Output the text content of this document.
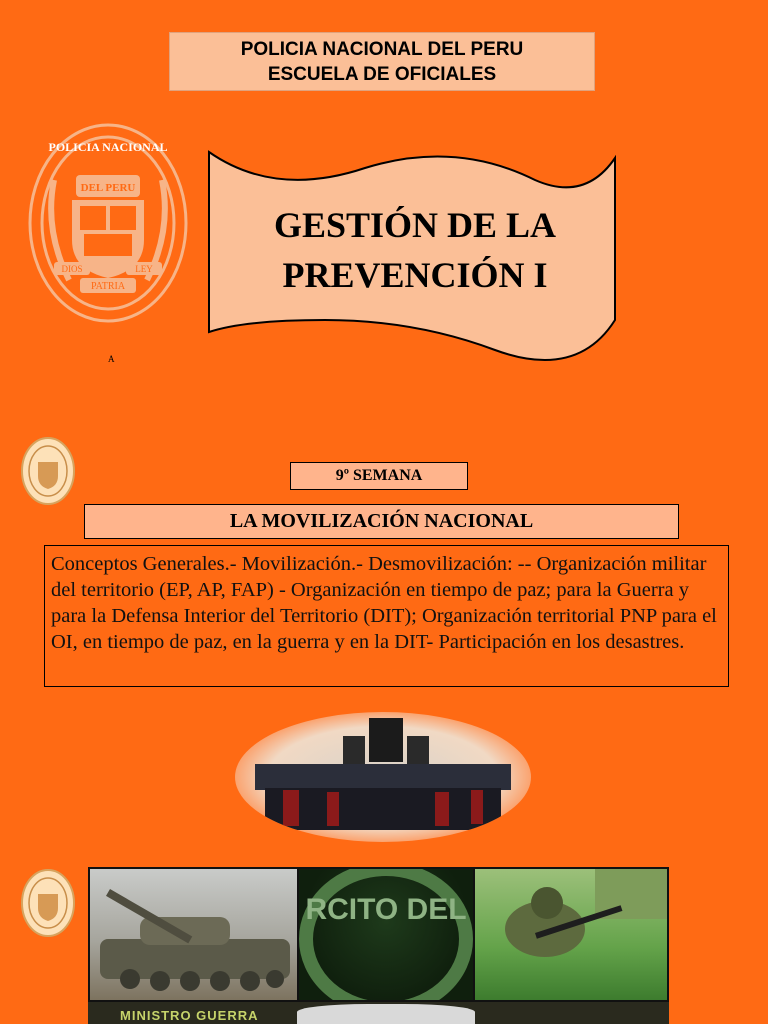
POLICIA NACIONAL DEL PERU
ESCUELA DE OFICIALES
POLICIA NACIONAL
DEL PERU
DIOS	LEY
PATRIA
GESTIÓN DE LA
PREVENCIÓN I
A
9º SEMANA
LA MOVILIZACIÓN NACIONAL
Conceptos Generales.- Movilización.- Desmovilización: -- Organización militar del territorio (EP, AP, FAP) - Organización en tiempo de paz; para la Guerra y para la Defensa Interior del Territorio (DIT); Organización territorial PNP para el OI, en tiempo de paz, en la guerra y en la DIT- Participación en los desastres.
RCITO DEL
MINISTRO GUERRA
